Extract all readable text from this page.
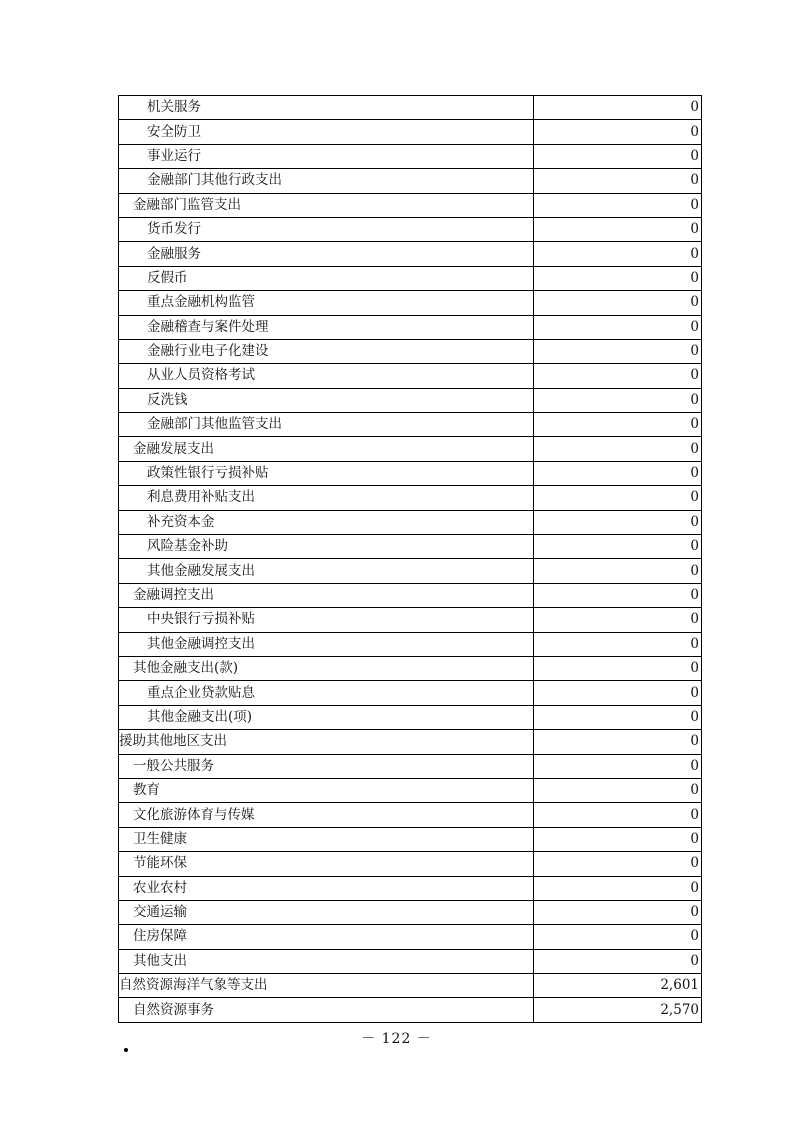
机关服务	0
安全防卫	0
事业运行	0
金融部门其他行政支出	0
金融部门监管支出	0
货币发行	0
金融服务	0
反假币	0
重点金融机构监管	0
金融稽查与案件处理	0
金融行业电子化建设	0
从业人员资格考试	0
反洗钱	0
金融部门其他监管支出	0
金融发展支出	0
政策性银行亏损补贴	0
利息费用补贴支出	0
补充资本金	0
风险基金补助	0
其他金融发展支出	0
金融调控支出	0
中央银行亏损补贴	0
其他金融调控支出	0
其他金融支出(款)	0
重点企业贷款贴息	0
其他金融支出(项)	0
援助其他地区支出	0
一般公共服务	0
教育	0
文化旅游体育与传媒	0
卫生健康	0
节能环保	0
农业农村	0
交通运输	0
住房保障	0
其他支出	0
自然资源海洋气象等支出	2,601
自然资源事务	2,570
－ 122 －
